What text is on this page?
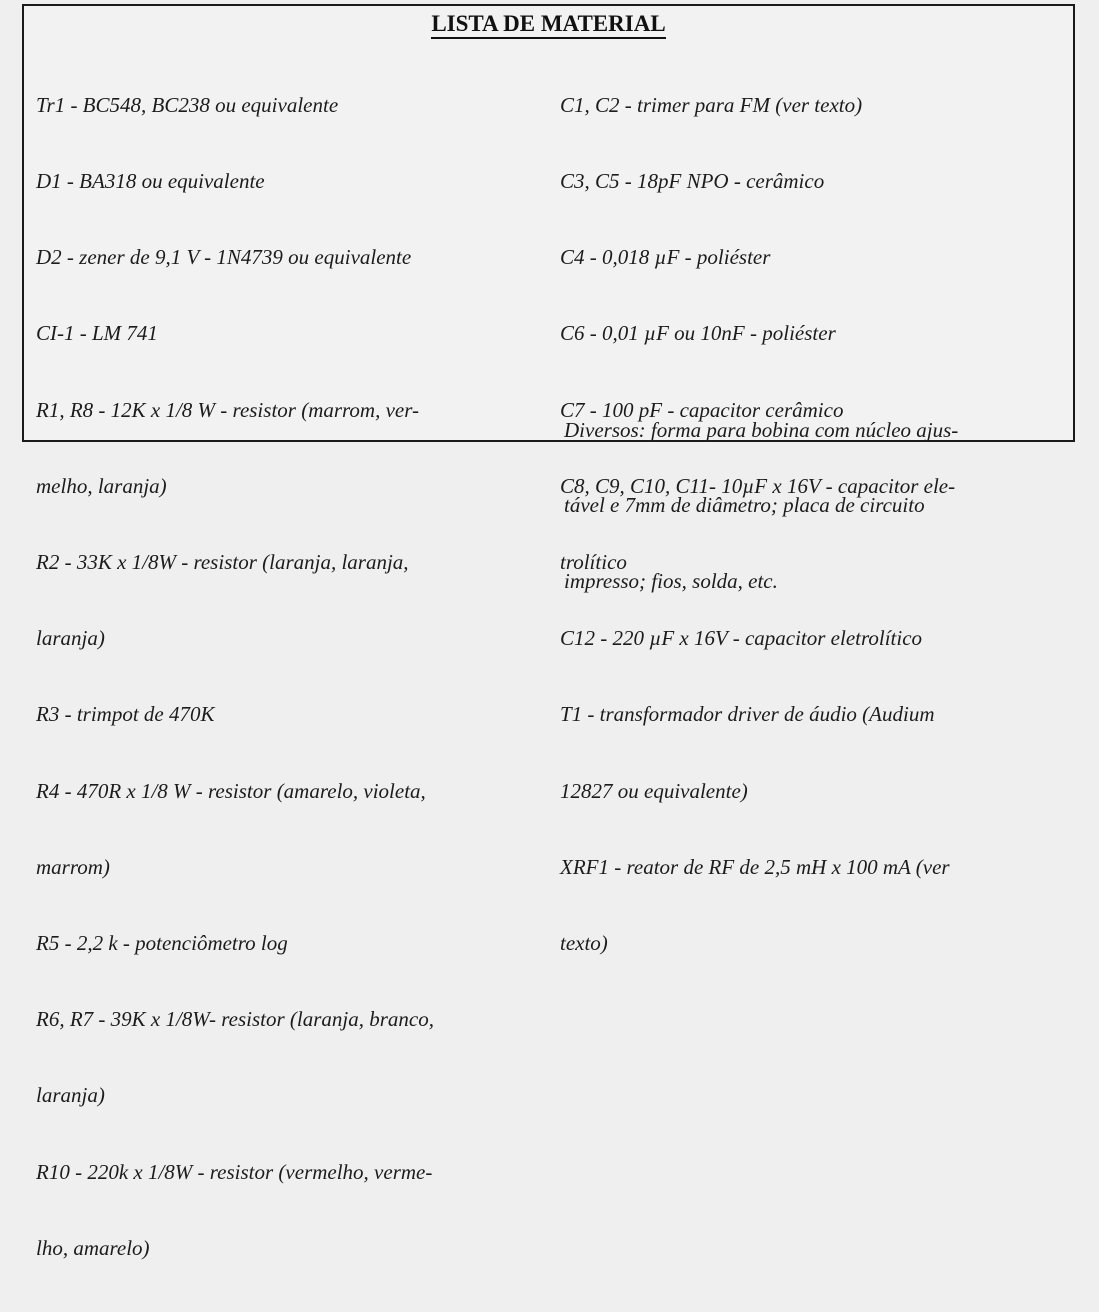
LISTA DE MATERIAL

Tr1 - BC548, BC238 ou equivalente

D1 - BA318 ou equivalente

D2 - zener de 9,1 V - 1N4739 ou equivalente

CI-1 - LM 741

R1, R8 - 12K x 1/8 W - resistor (marrom, ver-

melho, laranja)

R2 - 33K x 1/8W - resistor (laranja, laranja,

laranja)

R3 - trimpot de 470K

R4 - 470R x 1/8 W - resistor (amarelo, violeta,

marrom)

R5 - 2,2 k - potenciômetro log

R6, R7 - 39K x 1/8W- resistor (laranja, branco,

laranja)

R10 - 220k x 1/8W - resistor (vermelho, verme-

lho, amarelo)

C1, C2 - trimer para FM (ver texto)

C3, C5 - 18pF NPO - cerâmico

C4 - 0,018 µF - poliéster

C6 - 0,01 µF ou 10nF - poliéster

C7 - 100 pF - capacitor cerâmico

C8, C9, C10, C11- 10µF x 16V - capacitor ele-

trolítico

C12 - 220 µF x 16V - capacitor eletrolítico

T1 - transformador driver de áudio (Audium

12827 ou equivalente)

XRF1 - reator de RF de 2,5 mH x 100 mA (ver

texto)

Diversos: forma para bobina com núcleo ajus-

tável e 7mm de diâmetro; placa de circuito

impresso; fios, solda, etc.
